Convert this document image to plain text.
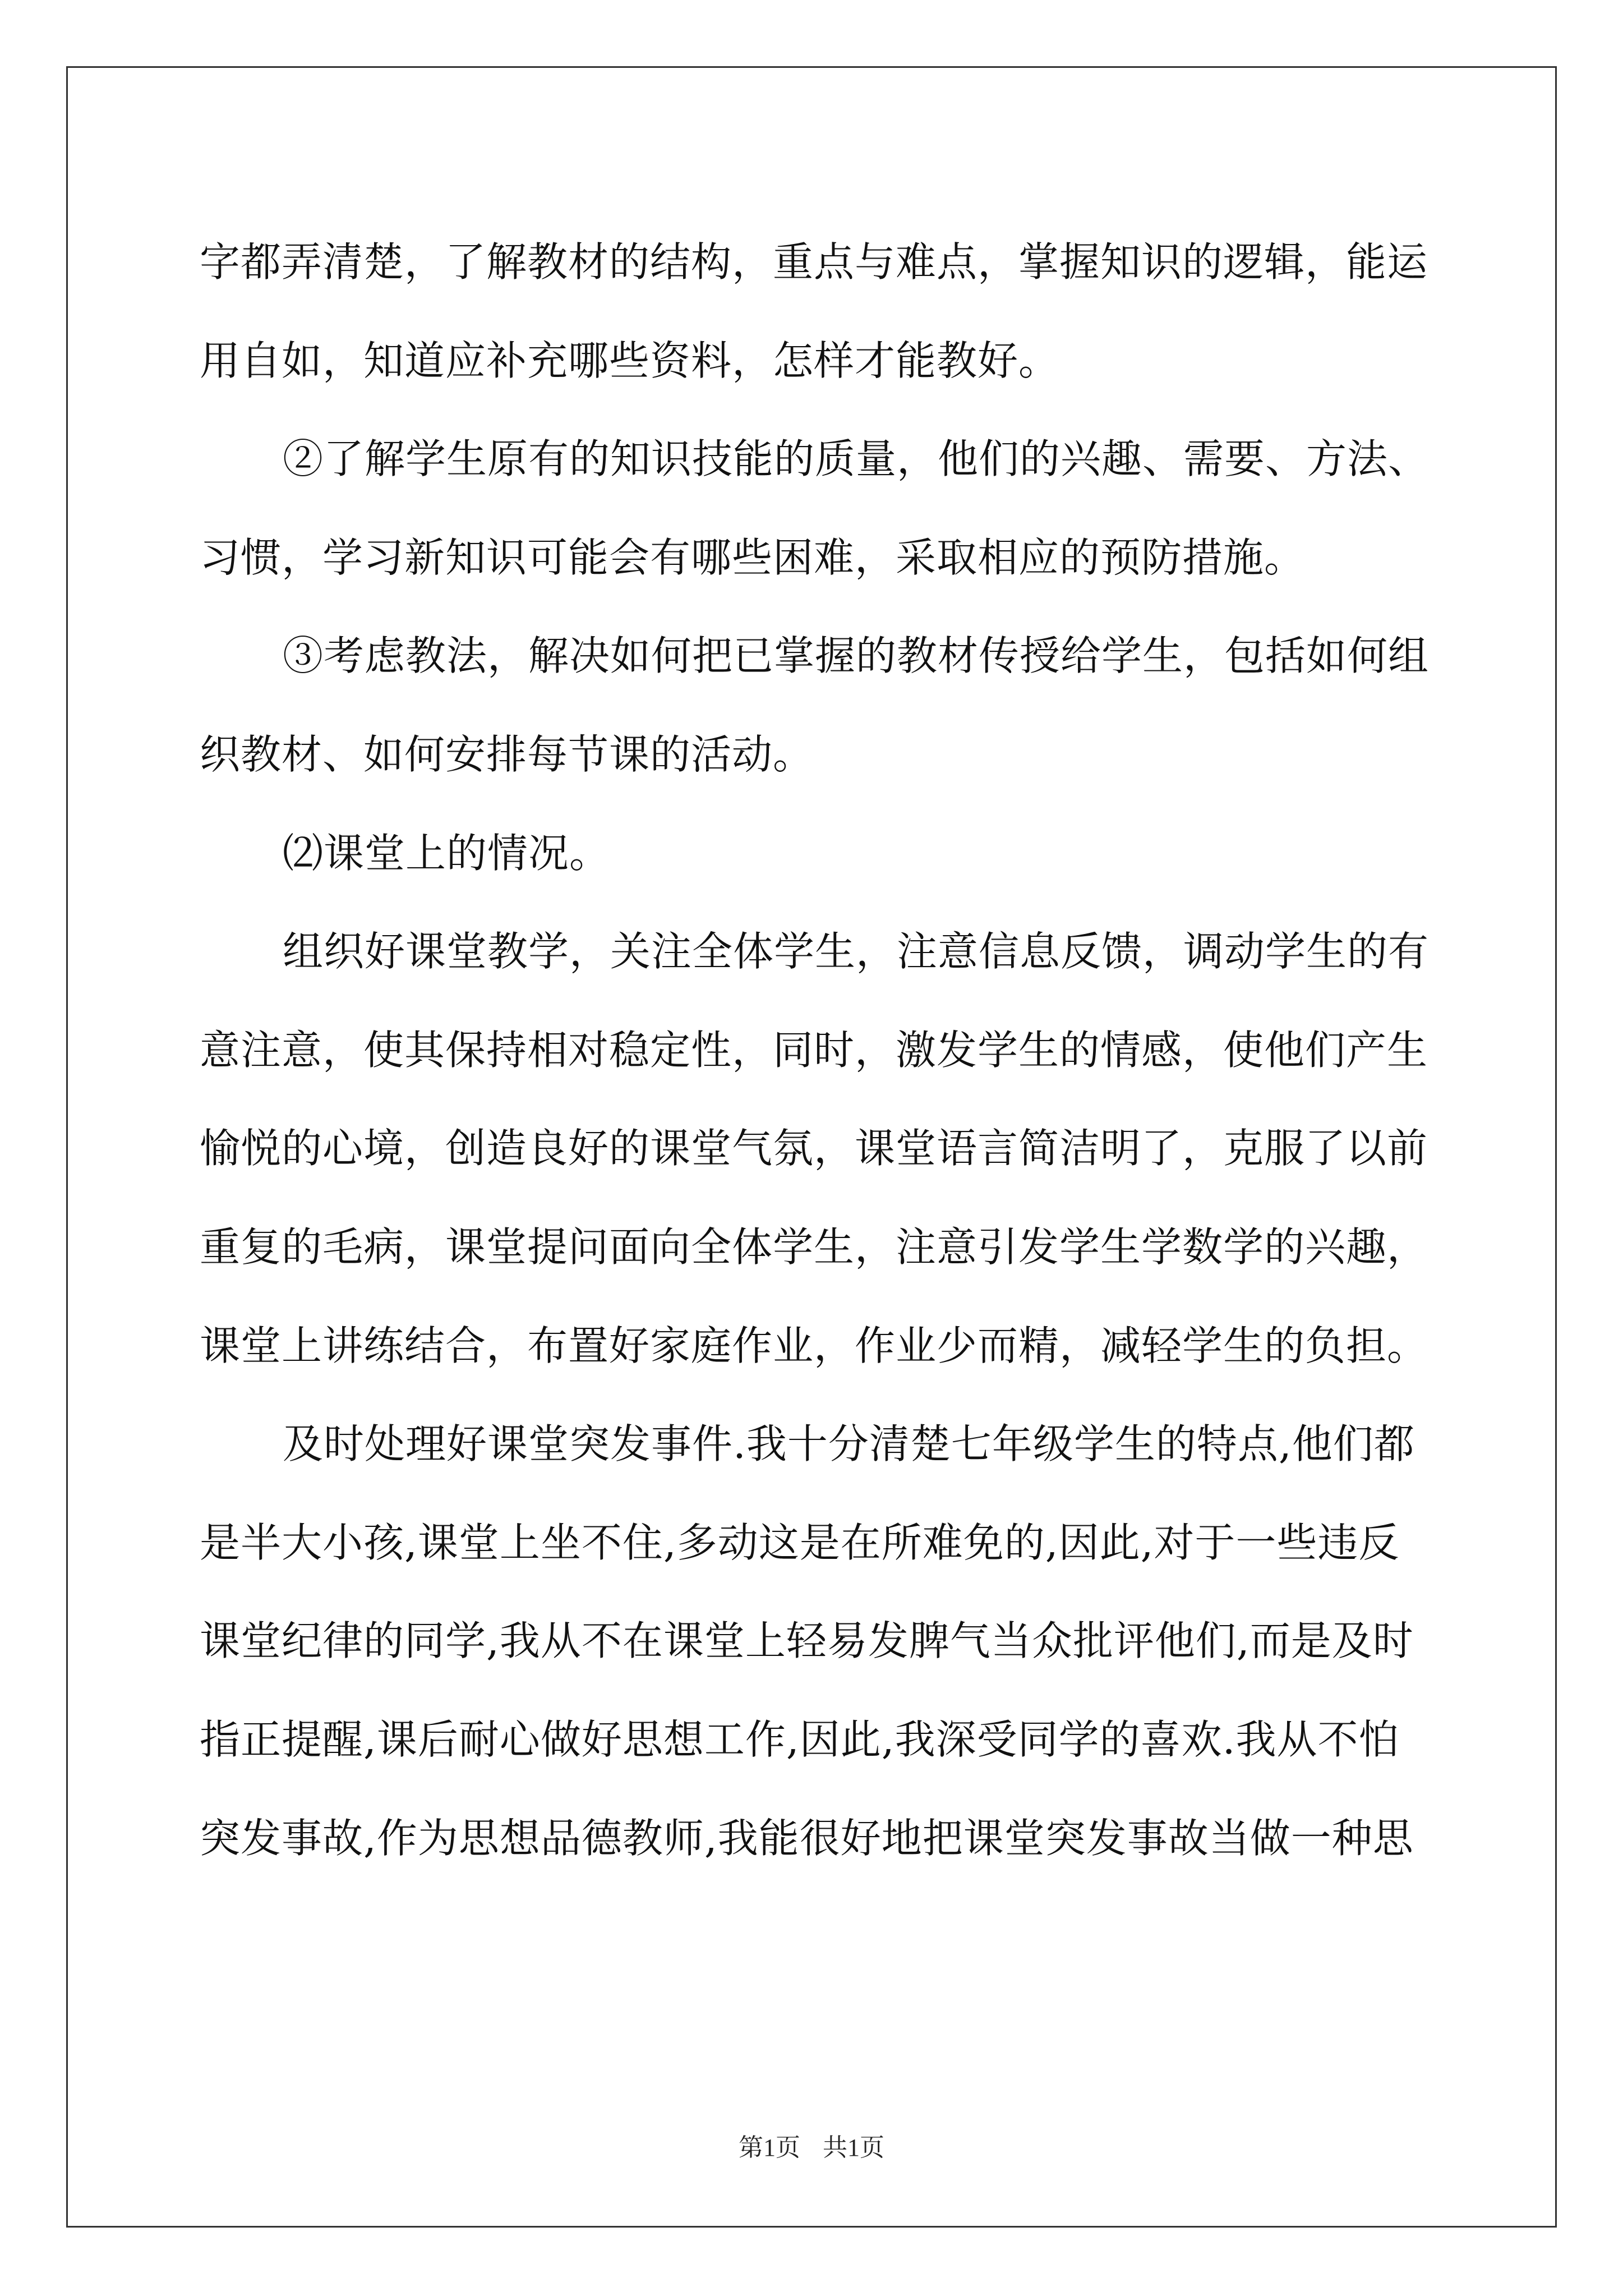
字都弄清楚，了解教材的结构，重点与难点，掌握知识的逻辑，能运
用自如，知道应补充哪些资料，怎样才能教好。
②了解学生原有的知识技能的质量，他们的兴趣、需要、方法、
习惯，学习新知识可能会有哪些困难，采取相应的预防措施。
③考虑教法，解决如何把已掌握的教材传授给学生，包括如何组
织教材、如何安排每节课的活动。
⑵课堂上的情况。
组织好课堂教学，关注全体学生，注意信息反馈，调动学生的有
意注意，使其保持相对稳定性，同时，激发学生的情感，使他们产生
愉悦的心境，创造良好的课堂气氛，课堂语言简洁明了，克服了以前
重复的毛病，课堂提问面向全体学生，注意引发学生学数学的兴趣，
课堂上讲练结合，布置好家庭作业，作业少而精，减轻学生的负担。
及时处理好课堂突发事件.我十分清楚七年级学生的特点,他们都
是半大小孩,课堂上坐不住,多动这是在所难免的,因此,对于一些违反
课堂纪律的同学,我从不在课堂上轻易发脾气当众批评他们,而是及时
指正提醒,课后耐心做好思想工作,因此,我深受同学的喜欢.我从不怕
突发事故,作为思想品德教师,我能很好地把课堂突发事故当做一种思
第1页 共1页
